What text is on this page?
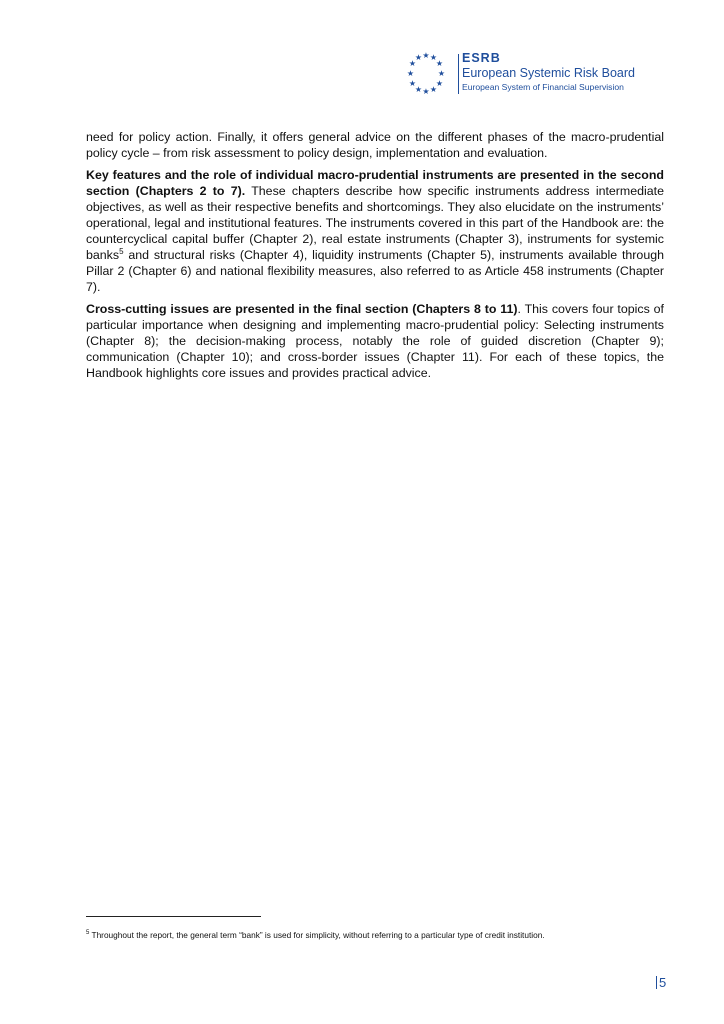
★ ★
★
★
★
★
★
★
★
★
★
★	ESRB
European Systemic Risk Board
European System of Financial Supervision

need for policy action. Finally, it offers general advice on the different phases of the macro-prudential policy cycle – from risk assessment to policy design, implementation and evaluation.

Key features and the role of individual macro-prudential instruments are presented in the second section (Chapters 2 to 7). These chapters describe how specific instruments address intermediate objectives, as well as their respective benefits and shortcomings. They also elucidate on the instruments’ operational, legal and institutional features. The instruments covered in this part of the Handbook are: the countercyclical capital buffer (Chapter 2), real estate instruments (Chapter 3), instruments for systemic banks$^5$ and structural risks (Chapter 4), liquidity instruments (Chapter 5), instruments available through Pillar 2 (Chapter 6) and national flexibility measures, also referred to as Article 458 instruments (Chapter 7).

Cross-cutting issues are presented in the final section (Chapters 8 to 11). This covers four topics of particular importance when designing and implementing macro-prudential policy: Selecting instruments (Chapter 8); the decision-making process, notably the role of guided discretion (Chapter 9); communication (Chapter 10); and cross-border issues (Chapter 11). For each of these topics, the Handbook highlights core issues and provides practical advice.

$^5$ Throughout the report, the general term “bank” is used for simplicity, without referring to a particular type of credit institution.
5
